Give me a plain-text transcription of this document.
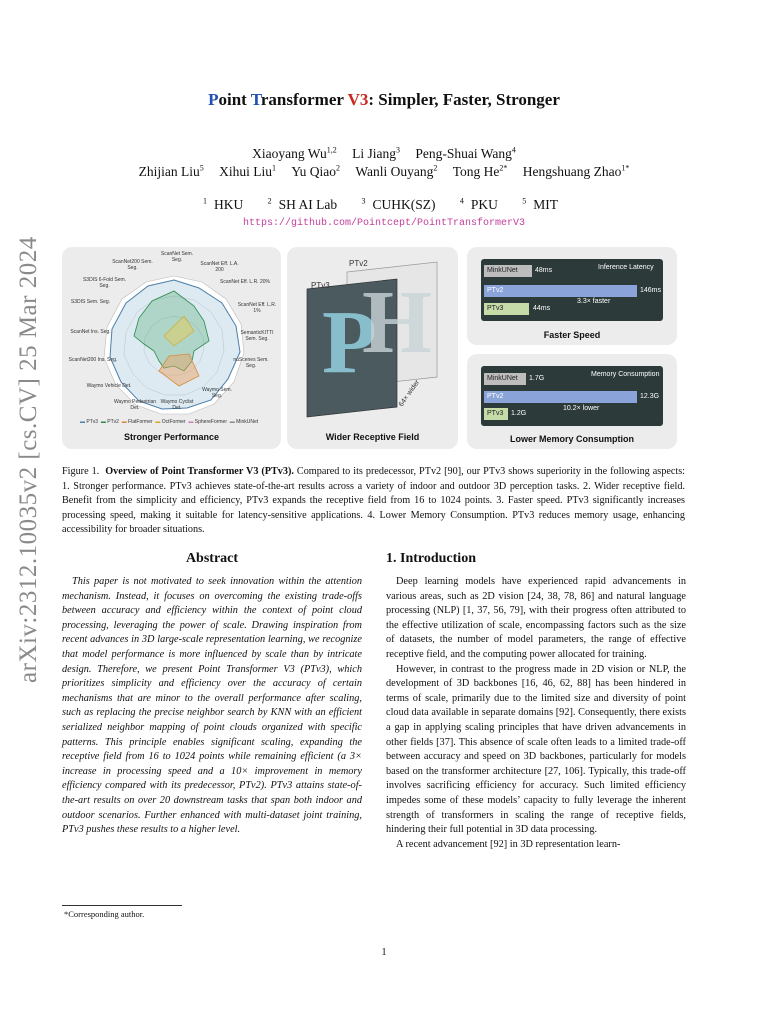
arXiv:2312.10035v2 [cs.CV] 25 Mar 2024
Point Transformer V3: Simpler, Faster, Stronger
Xiaoyang Wu$^{1,2}$ Li Jiang$^3$ Peng-Shuai Wang$^4$
Zhijian Liu$^5$ Xihui Liu$^1$ Yu Qiao$^2$ Wanli Ouyang$^2$ Tong $He^{2*}$ Hengshuang Zhao$^{1*}$
$^1$ HKU	$^2$ SH AI Lab	$^3$ CUHK(SZ)	$^4$ PKU	$^5$ MIT
https://github.com/Pointcept/PointTransformerV3
ScanNet Sem. Seg.
ScanNet Eff. L.A. 200
ScanNet Eff. L.R. 20%
ScanNet Eff. L.R. 1%
SemanticKITTI Sem. Seg.
nuScenes Sem. Seg.
Waymo Sem. Seg.
Waymo Cyclist Det.
Waymo Pedestrian Det.
Waymo Vehicle Det.
ScanNet200 Ins. Seg.
ScanNet Ins. Seg.
S3DIS Sem. Seg.
S3DIS 6-Fold Sem. Seg.
ScanNet200 Sem. Seg.
▬ PTv3 ▬ PTv2 ▬ FlatFormer ▬ OctFormer ▬ SphereFormer ▬ MinkUNet
Stronger Performance
P
H
64× wider
PTv2
PTv3
Wider Receptive Field
Inference Latency
MinkUNet	48ms
PTv2	146ms
PTv3	44ms
3.3× faster
Faster Speed
Memory Consumption
MinkUNet	1.7G
PTv2	12.3G
PTv3	1.2G
10.2× lower
Lower Memory Consumption
Figure 1. Overview of Point Transformer V3 (PTv3). Compared to its predecessor, PTv2 [90], our PTv3 shows superiority in the following aspects: 1. Stronger performance. PTv3 achieves state-of-the-art results across a variety of indoor and outdoor 3D perception tasks. 2. Wider receptive field. Benefit from the simplicity and efficiency, PTv3 expands the receptive field from 16 to 1024 points. 3. Faster speed. PTv3 significantly increases processing speed, making it suitable for latency-sensitive applications. 4. Lower Memory Consumption. PTv3 reduces memory usage, enhancing accessibility for broader situations.
Abstract
This paper is not motivated to seek innovation within the attention mechanism. Instead, it focuses on overcoming the existing trade-offs between accuracy and efficiency within the context of point cloud processing, leveraging the power of scale. Drawing inspiration from recent advances in 3D large-scale representation learning, we recognize that model performance is more influenced by scale than by intricate design. Therefore, we present Point Transformer V3 (PTv3), which prioritizes simplicity and efficiency over the accuracy of certain mechanisms that are minor to the overall performance after scaling, such as replacing the precise neighbor search by KNN with an efficient serialized neighbor mapping of point clouds organized with specific patterns. This principle enables significant scaling, expanding the receptive field from 16 to 1024 points while remaining efficient (a 3× increase in processing speed and a 10× improvement in memory efficiency compared with its predecessor, PTv2). PTv3 attains state-of-the-art results on over 20 downstream tasks that span both indoor and outdoor scenarios. Further enhanced with multi-dataset joint training, PTv3 pushes these results to a higher level.
1. Introduction

Deep learning models have experienced rapid advancements in various areas, such as 2D vision [24, 38, 78, 86] and natural language processing (NLP) [1, 37, 56, 79], with their progress often attributed to the effective utilization of scale, encompassing factors such as the size of datasets, the number of model parameters, the range of effective receptive field, and the computing power allocated for training.

However, in contrast to the progress made in 2D vision or NLP, the development of 3D backbones [16, 46, 62, 88] has been hindered in terms of scale, primarily due to the limited size and diversity of point cloud data available in separate domains [92]. Consequently, there exists a gap in applying scaling principles that have driven advancements in other fields [37]. This absence of scale often leads to a limited trade-off between accuracy and speed on 3D backbones, particularly for models based on the transformer architecture [27, 106]. Typically, this trade-off involves sacrificing efficiency for accuracy. Such limited efficiency impedes some of these models’ capacity to fully leverage the inherent strength of transformers in scaling the range of receptive fields, hindering their full potential in 3D data processing.

A recent advancement [92] in 3D representation learn-

*Corresponding author.
1
